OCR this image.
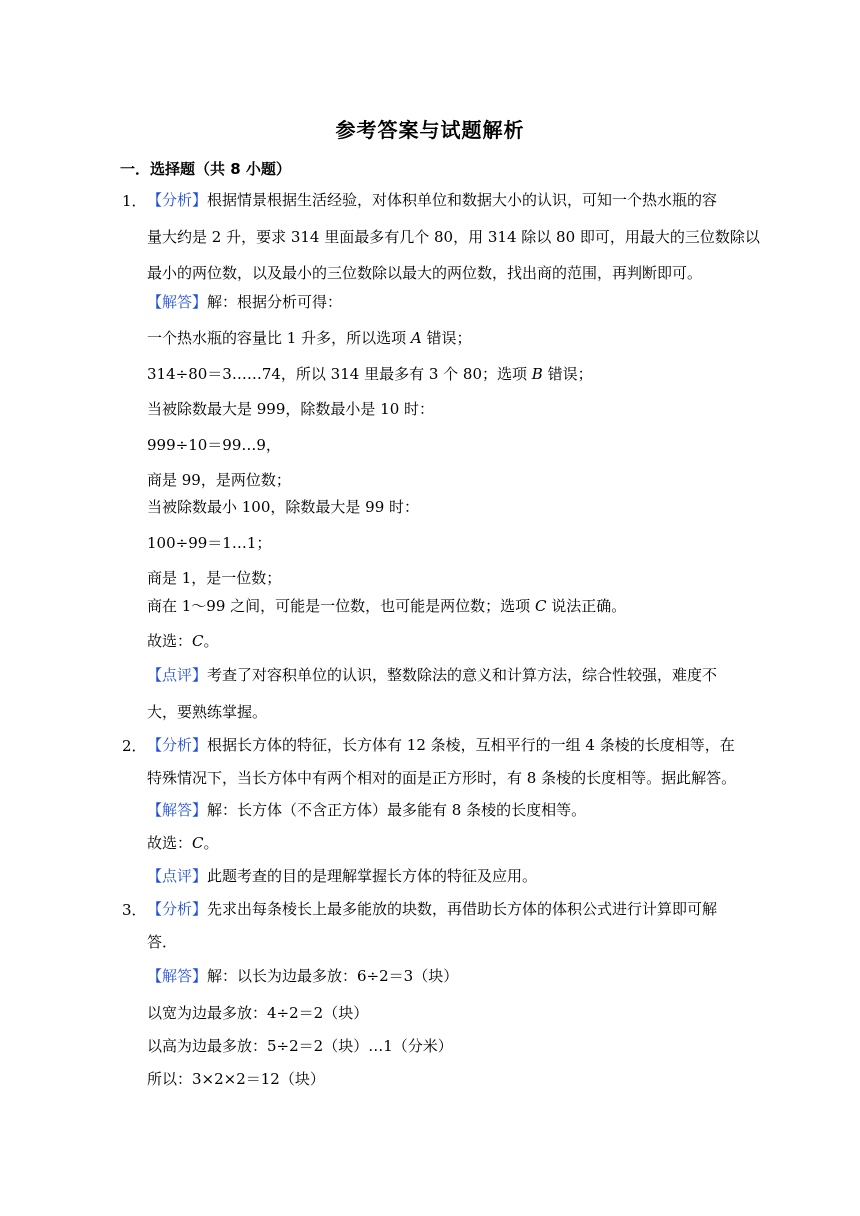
参考答案与试题解析
一．选择题（共 8 小题）
1． 【分析】根据情景根据生活经验，对体积单位和数据大小的认识，可知一个热水瓶的容
量大约是 2 升，要求 314 里面最多有几个 80，用 314 除以 80 即可，用最大的三位数除以
最小的两位数，以及最小的三位数除以最大的两位数，找出商的范围，再判断即可。
【解答】解：根据分析可得：
一个热水瓶的容量比 1 升多，所以选项 A 错误；
314÷80＝3……74，所以 314 里最多有 3 个 80；选项 B 错误；
当被除数最大是 999，除数最小是 10 时：
999÷10＝99…9，
商是 99，是两位数；
当被除数最小 100，除数最大是 99 时：
100÷99＝1…1；
商是 1，是一位数；
商在 1～99 之间，可能是一位数，也可能是两位数；选项 C 说法正确。
故选：C。
【点评】考查了对容积单位的认识，整数除法的意义和计算方法，综合性较强，难度不
大，要熟练掌握。
2． 【分析】根据长方体的特征，长方体有 12 条棱，互相平行的一组 4 条棱的长度相等，在
特殊情况下，当长方体中有两个相对的面是正方形时，有 8 条棱的长度相等。据此解答。
【解答】解：长方体（不含正方体）最多能有 8 条棱的长度相等。
故选：C。
【点评】此题考查的目的是理解掌握长方体的特征及应用。
3． 【分析】先求出每条棱长上最多能放的块数，再借助长方体的体积公式进行计算即可解
答．
【解答】解：以长为边最多放：6÷2＝3（块）
以宽为边最多放：4÷2＝2（块）
以高为边最多放：5÷2＝2（块）…1（分米）
所以：3×2×2＝12（块）
